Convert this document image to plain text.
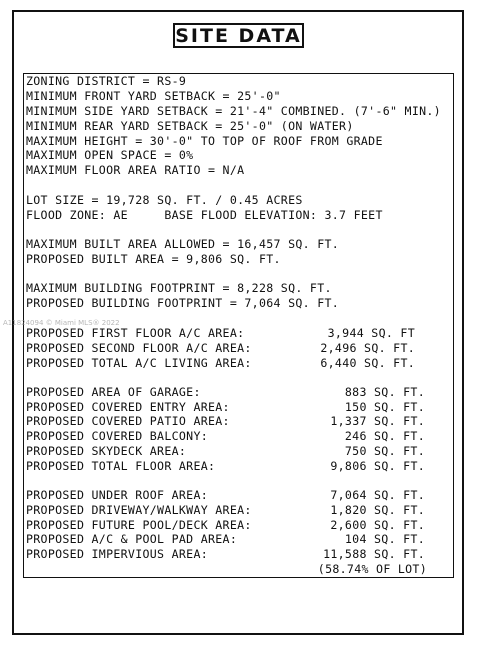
SITE DATA
ZONING DISTRICT = RS-9
MINIMUM FRONT YARD SETBACK = 25'-0"
MINIMUM SIDE YARD SETBACK = 21'-4" COMBINED. (7'-6" MIN.)
MINIMUM REAR YARD SETBACK = 25'-0" (ON WATER)
MAXIMUM HEIGHT = 30'-0" TO TOP OF ROOF FROM GRADE
MAXIMUM OPEN SPACE = 0%
MAXIMUM FLOOR AREA RATIO = N/A
LOT SIZE = 19,728 SQ. FT. / 0.45 ACRES
FLOOD ZONE: AE     BASE FLOOD ELEVATION: 3.7 FEET
MAXIMUM BUILT AREA ALLOWED = 16,457 SQ. FT.
PROPOSED BUILT AREA = 9,806 SQ. FT.
MAXIMUM BUILDING FOOTPRINT = 8,228 SQ. FT.
PROPOSED BUILDING FOOTPRINT = 7,064 SQ. FT.
PROPOSED FIRST FLOOR A/C AREA:	3,944 SQ. FT
PROPOSED SECOND FLOOR A/C AREA:	2,496 SQ. FT.
PROPOSED TOTAL A/C LIVING AREA:	6,440 SQ. FT.
PROPOSED AREA OF GARAGE:	883 SQ. FT.
PROPOSED COVERED ENTRY AREA:	150 SQ. FT.
PROPOSED COVERED PATIO AREA:	1,337 SQ. FT.
PROPOSED COVERED BALCONY:	246 SQ. FT.
PROPOSED SKYDECK AREA:	750 SQ. FT.
PROPOSED TOTAL FLOOR AREA:	9,806 SQ. FT.
PROPOSED UNDER ROOF AREA:	7,064 SQ. FT.
PROPOSED DRIVEWAY/WALKWAY AREA:	1,820 SQ. FT.
PROPOSED FUTURE POOL/DECK AREA:	2,600 SQ. FT.
PROPOSED A/C & POOL PAD AREA:	104 SQ. FT.
PROPOSED IMPERVIOUS AREA:	11,588 SQ. FT.
(58.74% OF LOT)
A11824094 © Miami MLS® 2022
